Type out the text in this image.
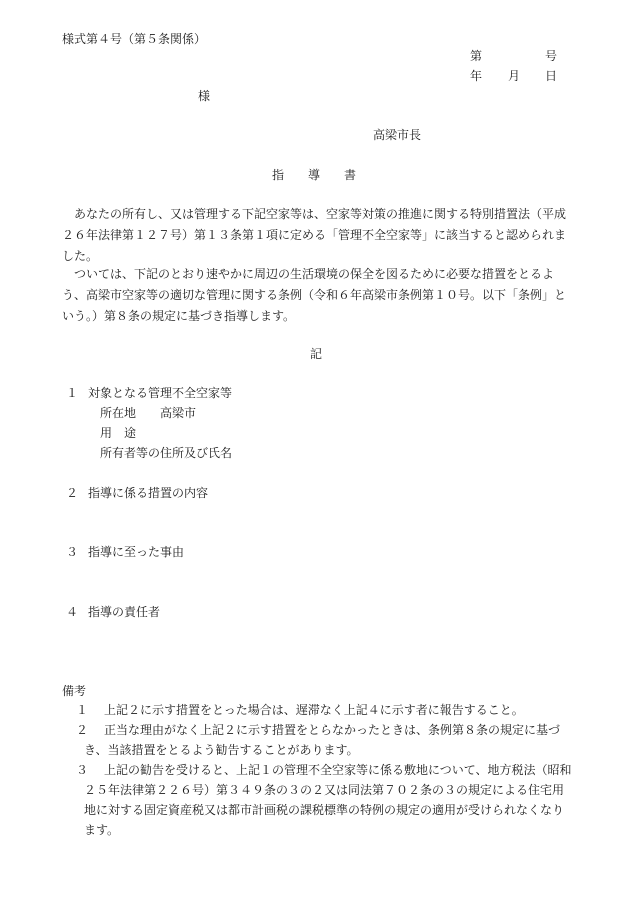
様式第４号（第５条関係）
第	号
年 月 日
様
高梁市長
指　　導　　書
あなたの所有し、又は管理する下記空家等は、空家等対策の推進に関する特別措置法（平成２６年法律第１２７号）第１３条第１項に定める「管理不全空家等」に該当すると認められました。
ついては、下記のとおり速やかに周辺の生活環境の保全を図るために必要な措置をとるよう、高梁市空家等の適切な管理に関する条例（令和６年高梁市条例第１０号。以下「条例」という。）第８条の規定に基づき指導します。
記
１ 対象となる管理不全空家等
所在地 高梁市
用　途
所有者等の住所及び氏名
２ 指導に係る措置の内容
３ 指導に至った事由
４ 指導の責任者
備考
１	上記２に示す措置をとった場合は、遅滞なく上記４に示す者に報告すること。
２	正当な理由がなく上記２に示す措置をとらなかったときは、条例第８条の規定に基づき、当該措置をとるよう勧告することがあります。
３	上記の勧告を受けると、上記１の管理不全空家等に係る敷地について、地方税法（昭和２５年法律第２２６号）第３４９条の３の２又は同法第７０２条の３の規定による住宅用地に対する固定資産税又は都市計画税の課税標準の特例の規定の適用が受けられなくなります。
